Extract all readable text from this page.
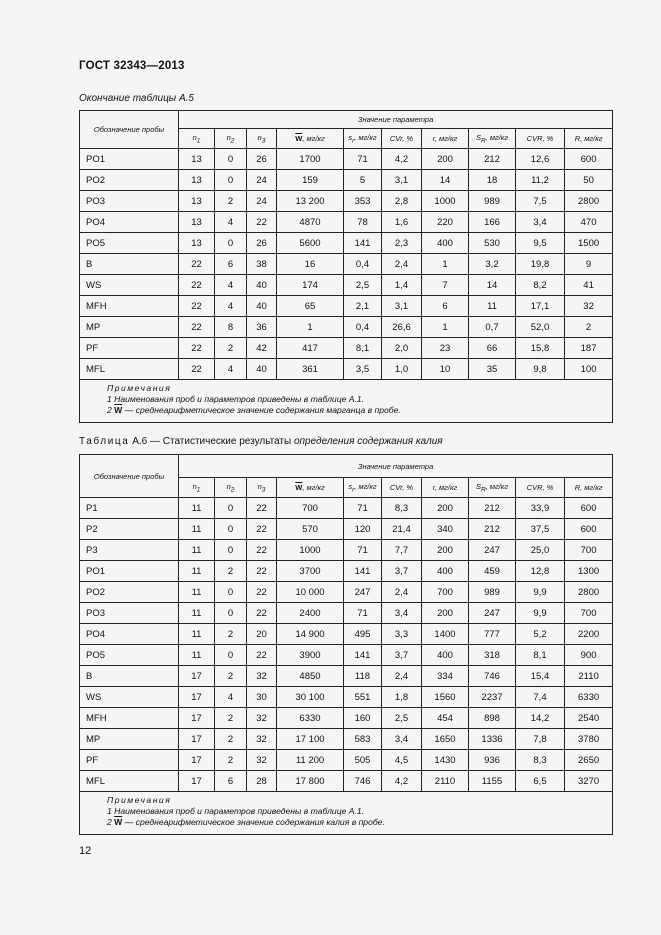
ГОСТ 32343—2013
Окончание таблицы А.5
Обозначение пробы	Значение параметра									
	$n_1$	$n_2$	$n_3$	$\overline{W}$, мг/кг	$s_r$, мг/кг	CVr, %	r, мг/кг	$S_R$, мг/кг	CVR, %	R, мг/кг
PO1	13	0	26	1700	71	4,2	200	212	12,6	600
PO2	13	0	24	159	5	3,1	14	18	11,2	50
PO3	13	2	24	13 200	353	2,8	1000	989	7,5	2800
PO4	13	4	22	4870	78	1,6	220	166	3,4	470
PO5	13	0	26	5600	141	2,3	400	530	9,5	1500
B	22	6	38	16	0,4	2,4	1	3,2	19,8	9
WS	22	4	40	174	2,5	1,4	7	14	8,2	41
MFH	22	4	40	65	2,1	3,1	6	11	17,1	32
MP	22	8	36	1	0,4	26,6	1	0,7	52,0	2
PF	22	2	42	417	8,1	2,0	23	66	15,8	187
MFL	22	4	40	361	3,5	1,0	10	35	9,8	100

Примечания
1 Наименования проб и параметров приведены в таблице А.1.
2 $\overline{W}$ — среднеарифметическое значение содержания марганца в пробе.										
Таблица А.6 — Статистические результаты определения содержания калия
Обозначение пробы	Значение параметра									
	$n_1$	$n_2$	$n_3$	$\overline{W}$, мг/кг	$s_r$, мг/кг	CVr, %	r, мг/кг	$S_R$, мг/кг	CVR, %	R, мг/кг
P1	11	0	22	700	71	8,3	200	212	33,9	600
P2	11	0	22	570	120	21,4	340	212	37,5	600
P3	11	0	22	1000	71	7,7	200	247	25,0	700
PO1	11	2	22	3700	141	3,7	400	459	12,8	1300
PO2	11	0	22	10 000	247	2,4	700	989	9,9	2800
PO3	11	0	22	2400	71	3,4	200	247	9,9	700
PO4	11	2	20	14 900	495	3,3	1400	777	5,2	2200
PO5	11	0	22	3900	141	3,7	400	318	8,1	900
B	17	2	32	4850	118	2,4	334	746	15,4	2110
WS	17	4	30	30 100	551	1,8	1560	2237	7,4	6330
MFH	17	2	32	6330	160	2,5	454	898	14,2	2540
MP	17	2	32	17 100	583	3,4	1650	1336	7,8	3780
PF	17	2	32	11 200	505	4,5	1430	936	8,3	2650
MFL	17	6	28	17 800	746	4,2	2110	1155	6,5	3270

Примечания
1 Наименования проб и параметров приведены в таблице А.1.
2 $\overline{W}$ — среднеарифметическое значение содержания калия в пробе.										
12
